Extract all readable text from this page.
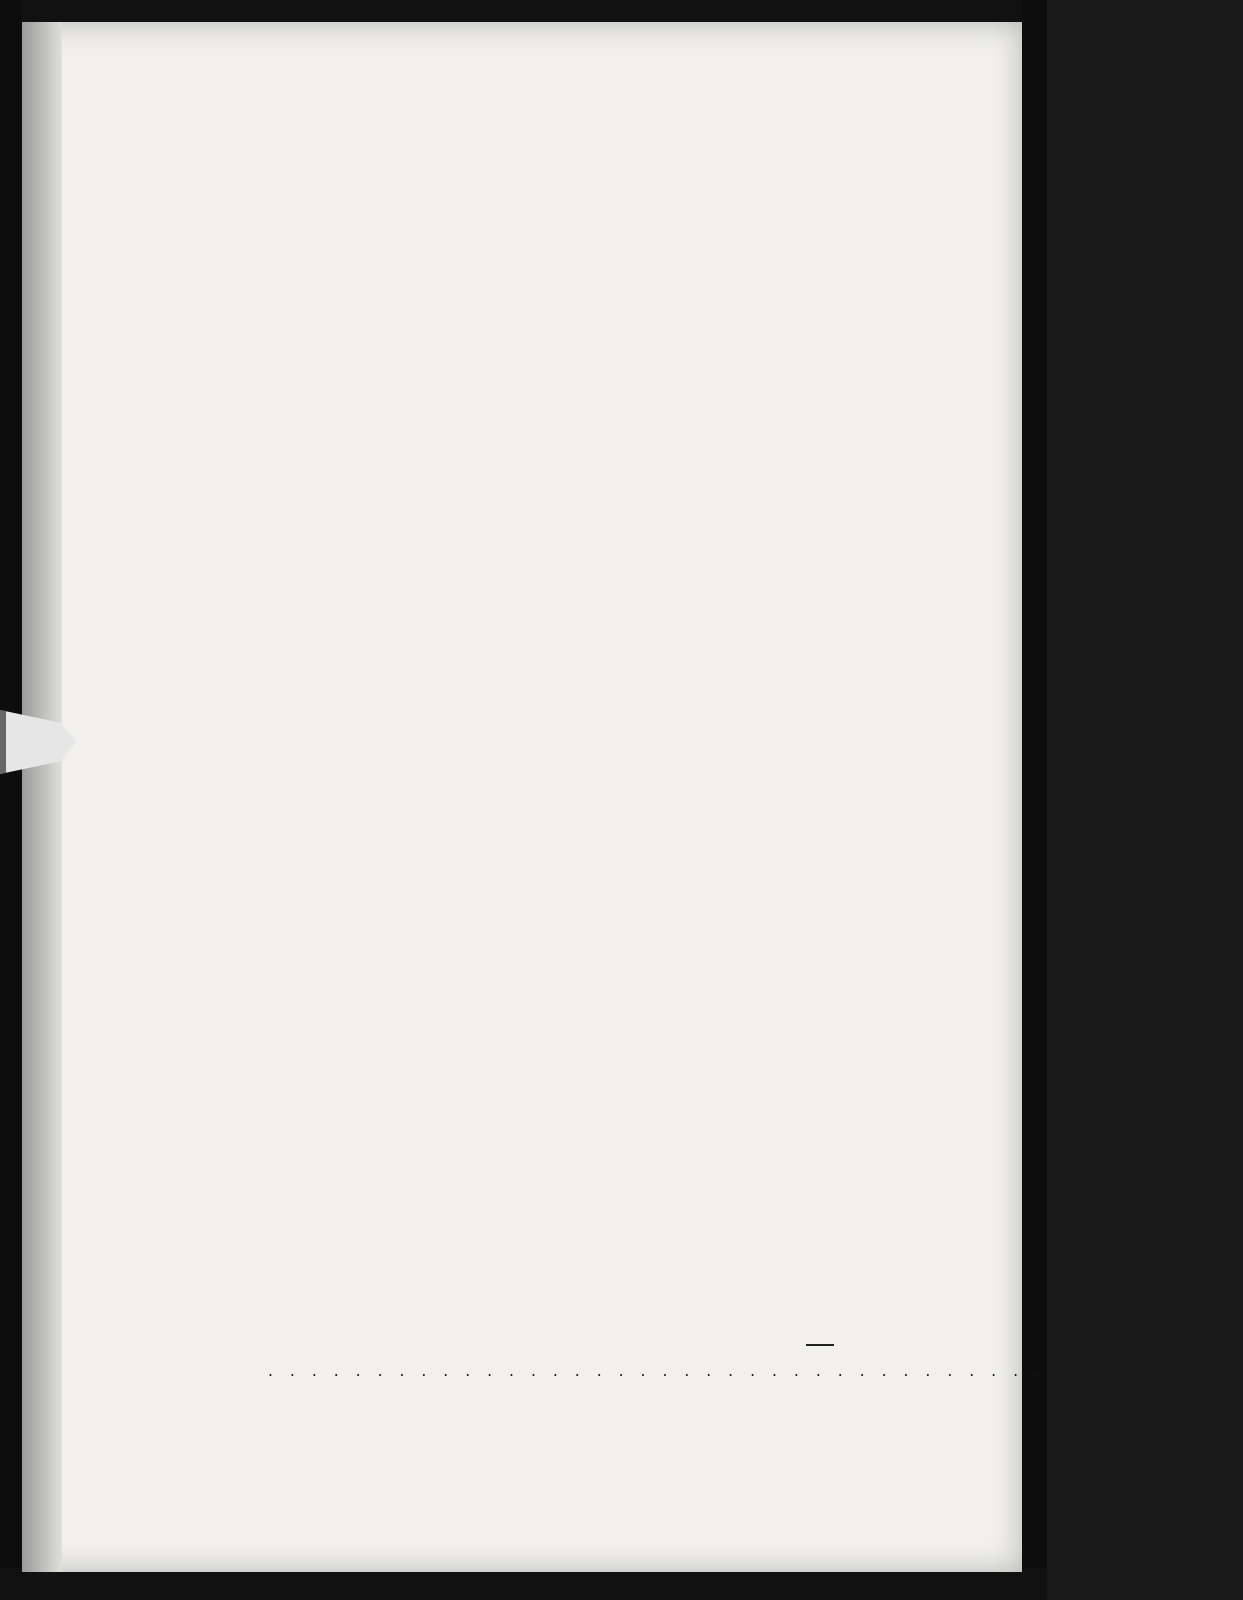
. . . . . . . . . . . . . . . . . . . . . . . . . . . . . . . . . . . . . . . . . . . . .
